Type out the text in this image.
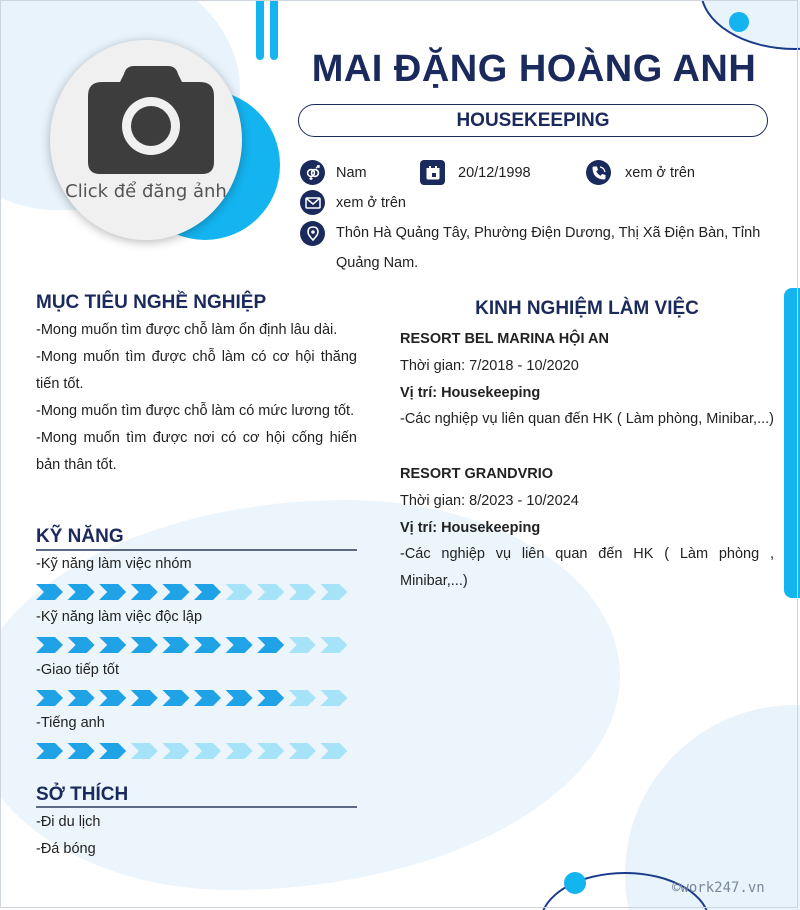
Click để đăng ảnh
MAI ĐẶNG HOÀNG ANH
HOUSEKEEPING
Nam	20/12/1998	xem ở trên
xem ở trên
Thôn Hà Quảng Tây, Phường Điện Dương, Thị Xã Điện Bàn, Tỉnh
Quảng Nam.
MỤC TIÊU NGHỀ NGHIỆP
-Mong muốn tìm được chỗ làm ổn định lâu dài.
-Mong muốn tìm được chỗ làm có cơ hội thăng tiến tốt.
-Mong muốn tìm được chỗ làm có mức lương tốt.
-Mong muốn tìm được nơi có cơ hội cống hiến bản thân tốt.
KỸ NĂNG
-Kỹ năng làm việc nhóm
-Kỹ năng làm việc độc lập
-Giao tiếp tốt
-Tiếng anh
SỞ THÍCH
-Đi du lịch
-Đá bóng
KINH NGHIỆM LÀM VIỆC
RESORT BEL MARINA HỘI AN
Thời gian: 7/2018 - 10/2020
Vị trí: Housekeeping
-Các nghiệp vụ liên quan đến HK ( Làm phòng, Minibar,...)
RESORT GRANDVRIO
Thời gian: 8/2023 - 10/2024
Vị trí: Housekeeping
-Các nghiệp vụ liên quan đến HK ( Làm phòng , Minibar,...)
©work247.vn
